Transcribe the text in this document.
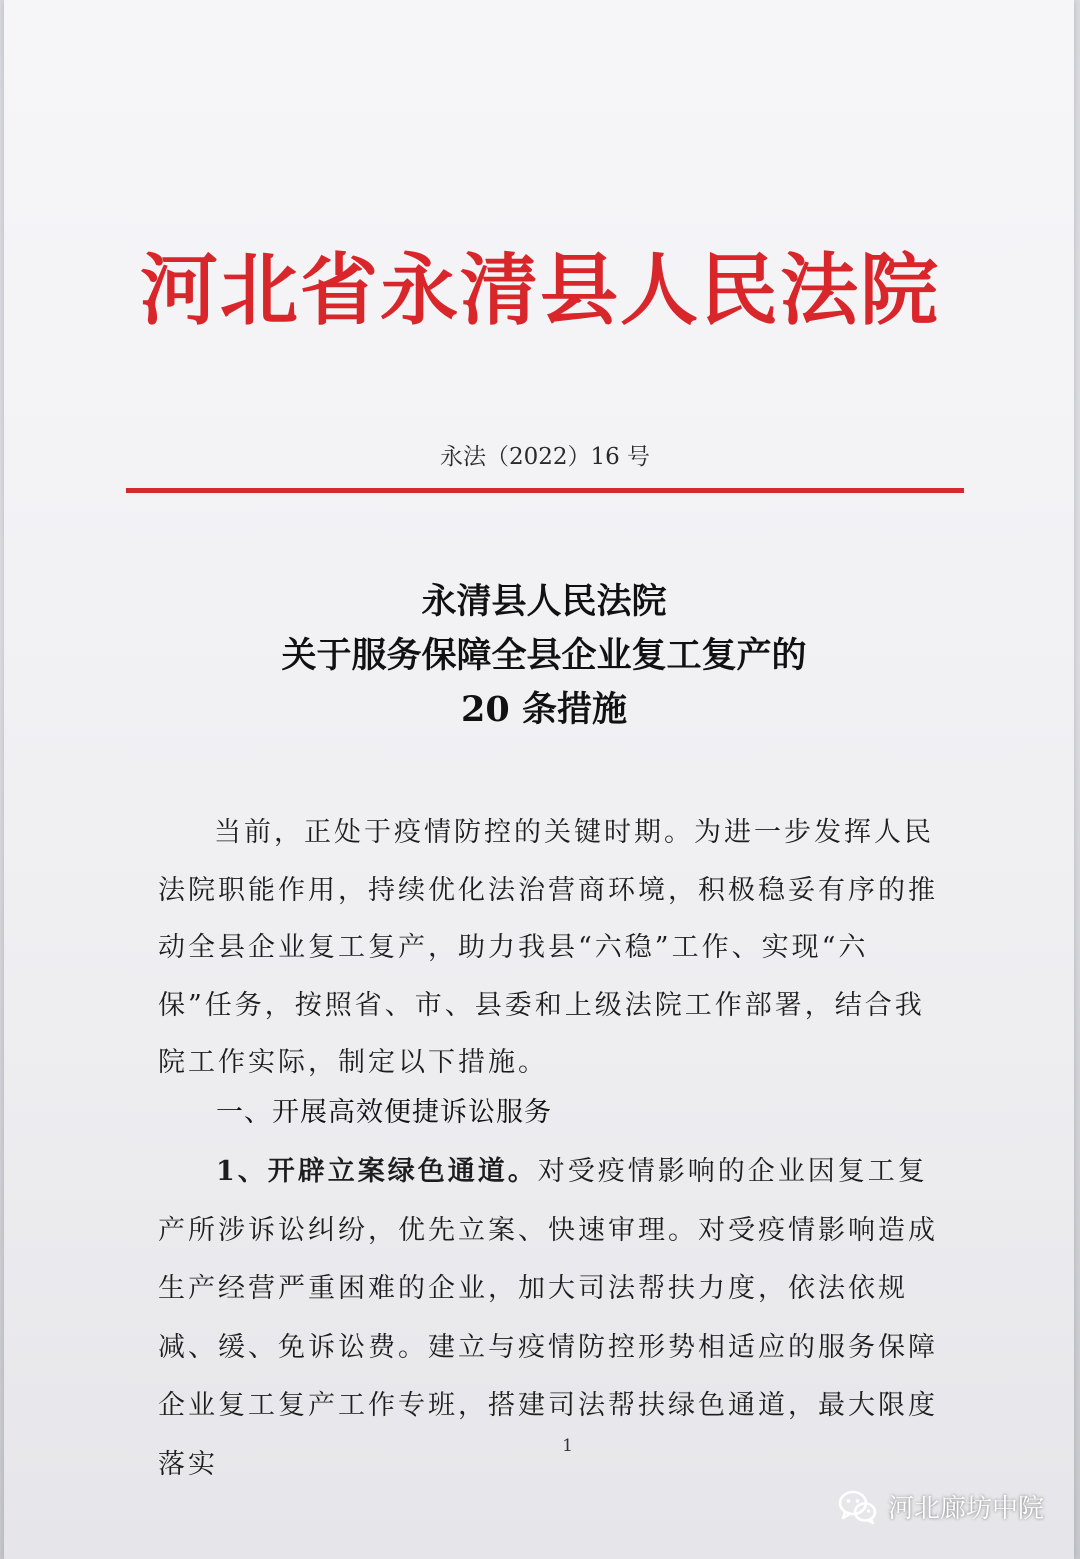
河北省永清县人民法院

永法（2022）16 号

永清县人民法院
关于服务保障全县企业复工复产的
20 条措施

当前，正处于疫情防控的关键时期。为进一步发挥人民法院职能作用，持续优化法治营商环境，积极稳妥有序的推动全县企业复工复产，助力我县“六稳”工作、实现“六保”任务，按照省、市、县委和上级法院工作部署，结合我院工作实际，制定以下措施。

一、开展高效便捷诉讼服务

1、开辟立案绿色通道。对受疫情影响的企业因复工复产所涉诉讼纠纷，优先立案、快速审理。对受疫情影响造成生产经营严重困难的企业，加大司法帮扶力度，依法依规减、缓、免诉讼费。建立与疫情防控形势相适应的服务保障企业复工复产工作专班，搭建司法帮扶绿色通道，最大限度落实

1

河北廊坊中院
